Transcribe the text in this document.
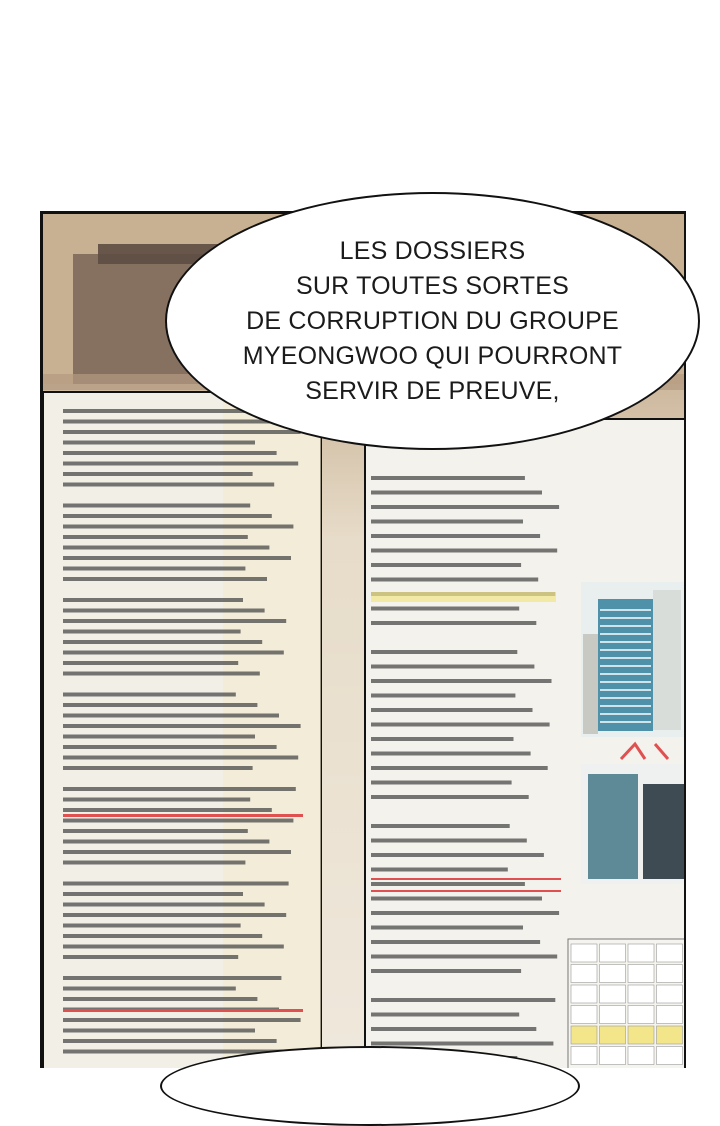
LES DOSSIERS
SUR TOUTES SORTES
DE CORRUPTION DU GROUPE
MYEONGWOO QUI POURRONT
SERVIR DE PREUVE,
